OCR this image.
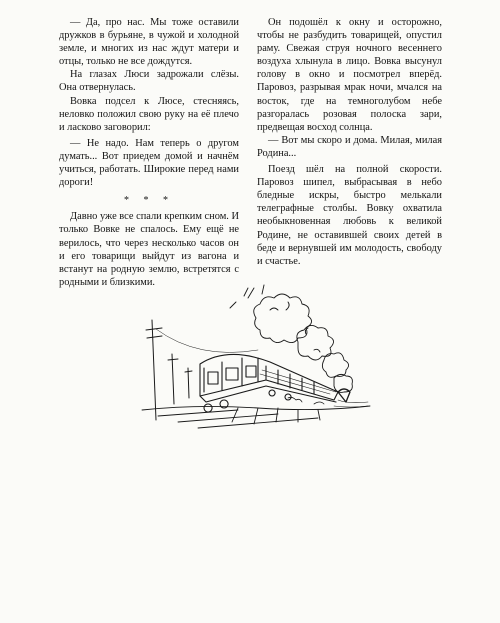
— Да, про нас. Мы тоже оставили дружков в бурьяне, в чужой и холодной земле, и многих из нас ждут матери и отцы, только не все дождутся.

На глазах Люси задрожали слёзы. Она отвернулась.

Вовка подсел к Люсе, стесняясь, неловко положил свою руку на её плечо и ласково заговорил:

— Не надо. Нам теперь о другом думать... Вот приедем домой и начнём учиться, работать. Широкие перед нами дороги!

* * *

Давно уже все спали крепким сном. И только Вовке не спалось. Ему ещё не верилось, что через несколько часов он и его товарищи выйдут из вагона и встанут на родную землю, встретятся с родными и близкими.

Он подошёл к окну и осторожно, чтобы не разбудить товарищей, опустил раму. Свежая струя ночного весеннего воздуха хлынула в лицо. Вовка высунул голову в окно и посмотрел вперёд. Паровоз, разрывая мрак ночи, мчался на восток, где на темноголубом небе разгоралась розовая полоска зари, предвещая восход солнца.

— Вот мы скоро и дома. Милая, милая Родина...

Поезд шёл на полной скорости. Паровоз шипел, выбрасывая в небо бледные искры, быстро мелькали телеграфные столбы. Вовку охватила необыкновенная любовь к великой Родине, не оставившей своих детей в беде и вернувшей им молодость, свободу и счастье.
